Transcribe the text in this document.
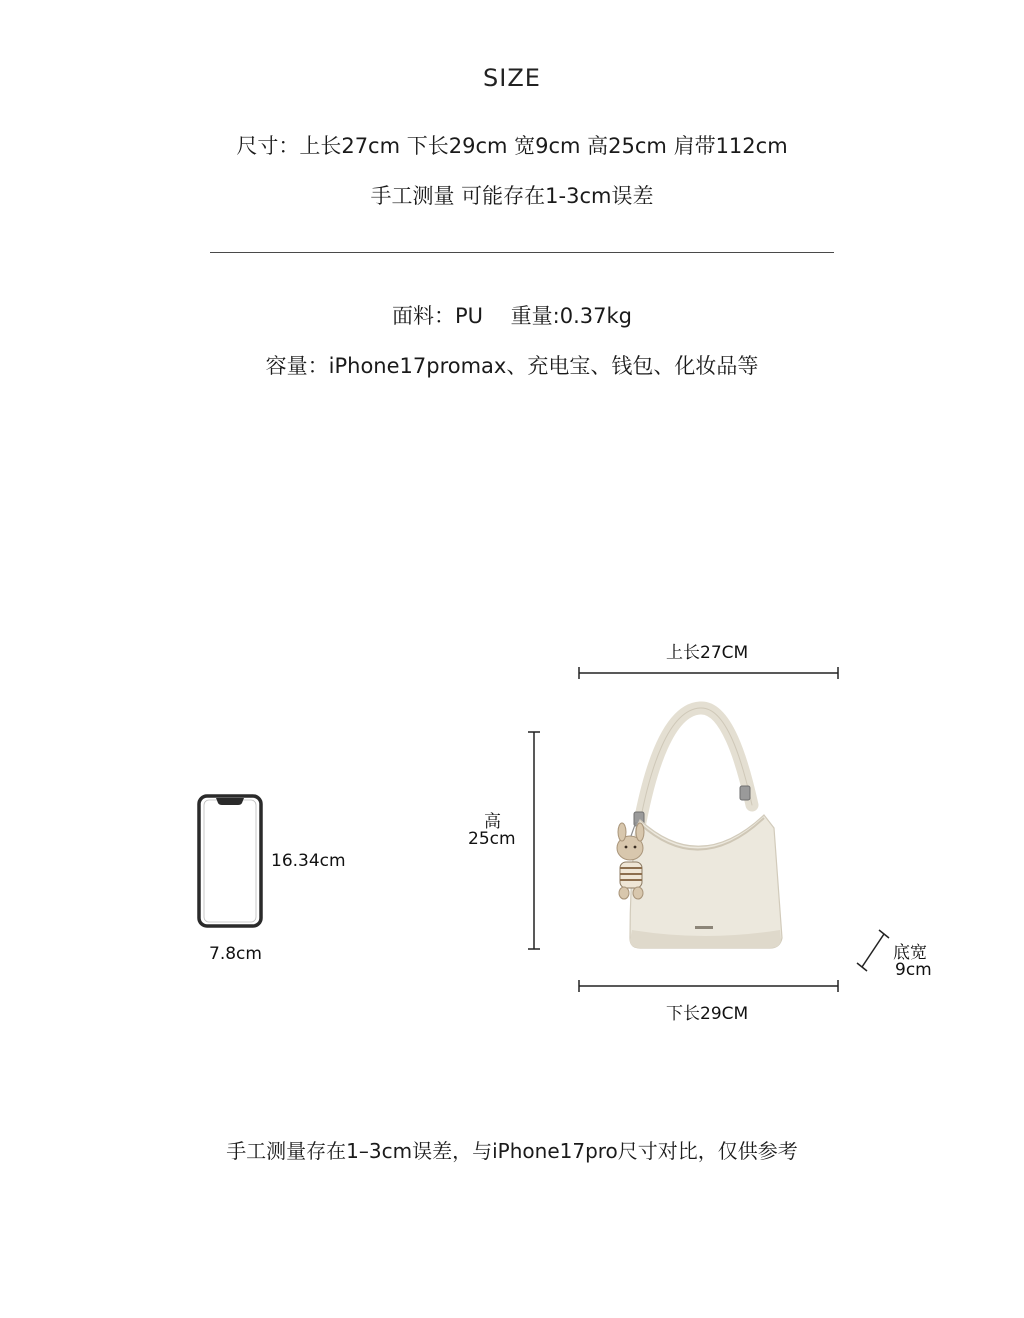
SIZE
尺寸：上长27cm 下长29cm 宽9cm 高25cm 肩带112cm
手工测量 可能存在1-3cm误差
面料：PU　 重量:0.37kg
容量：iPhone17promax、充电宝、钱包、化妆品等
16.34cm
7.8cm
上长27CM
高
25cm
下长29CM
底宽
9cm
手工测量存在1–3cm误差，与iPhone17pro尺寸对比，仅供参考
